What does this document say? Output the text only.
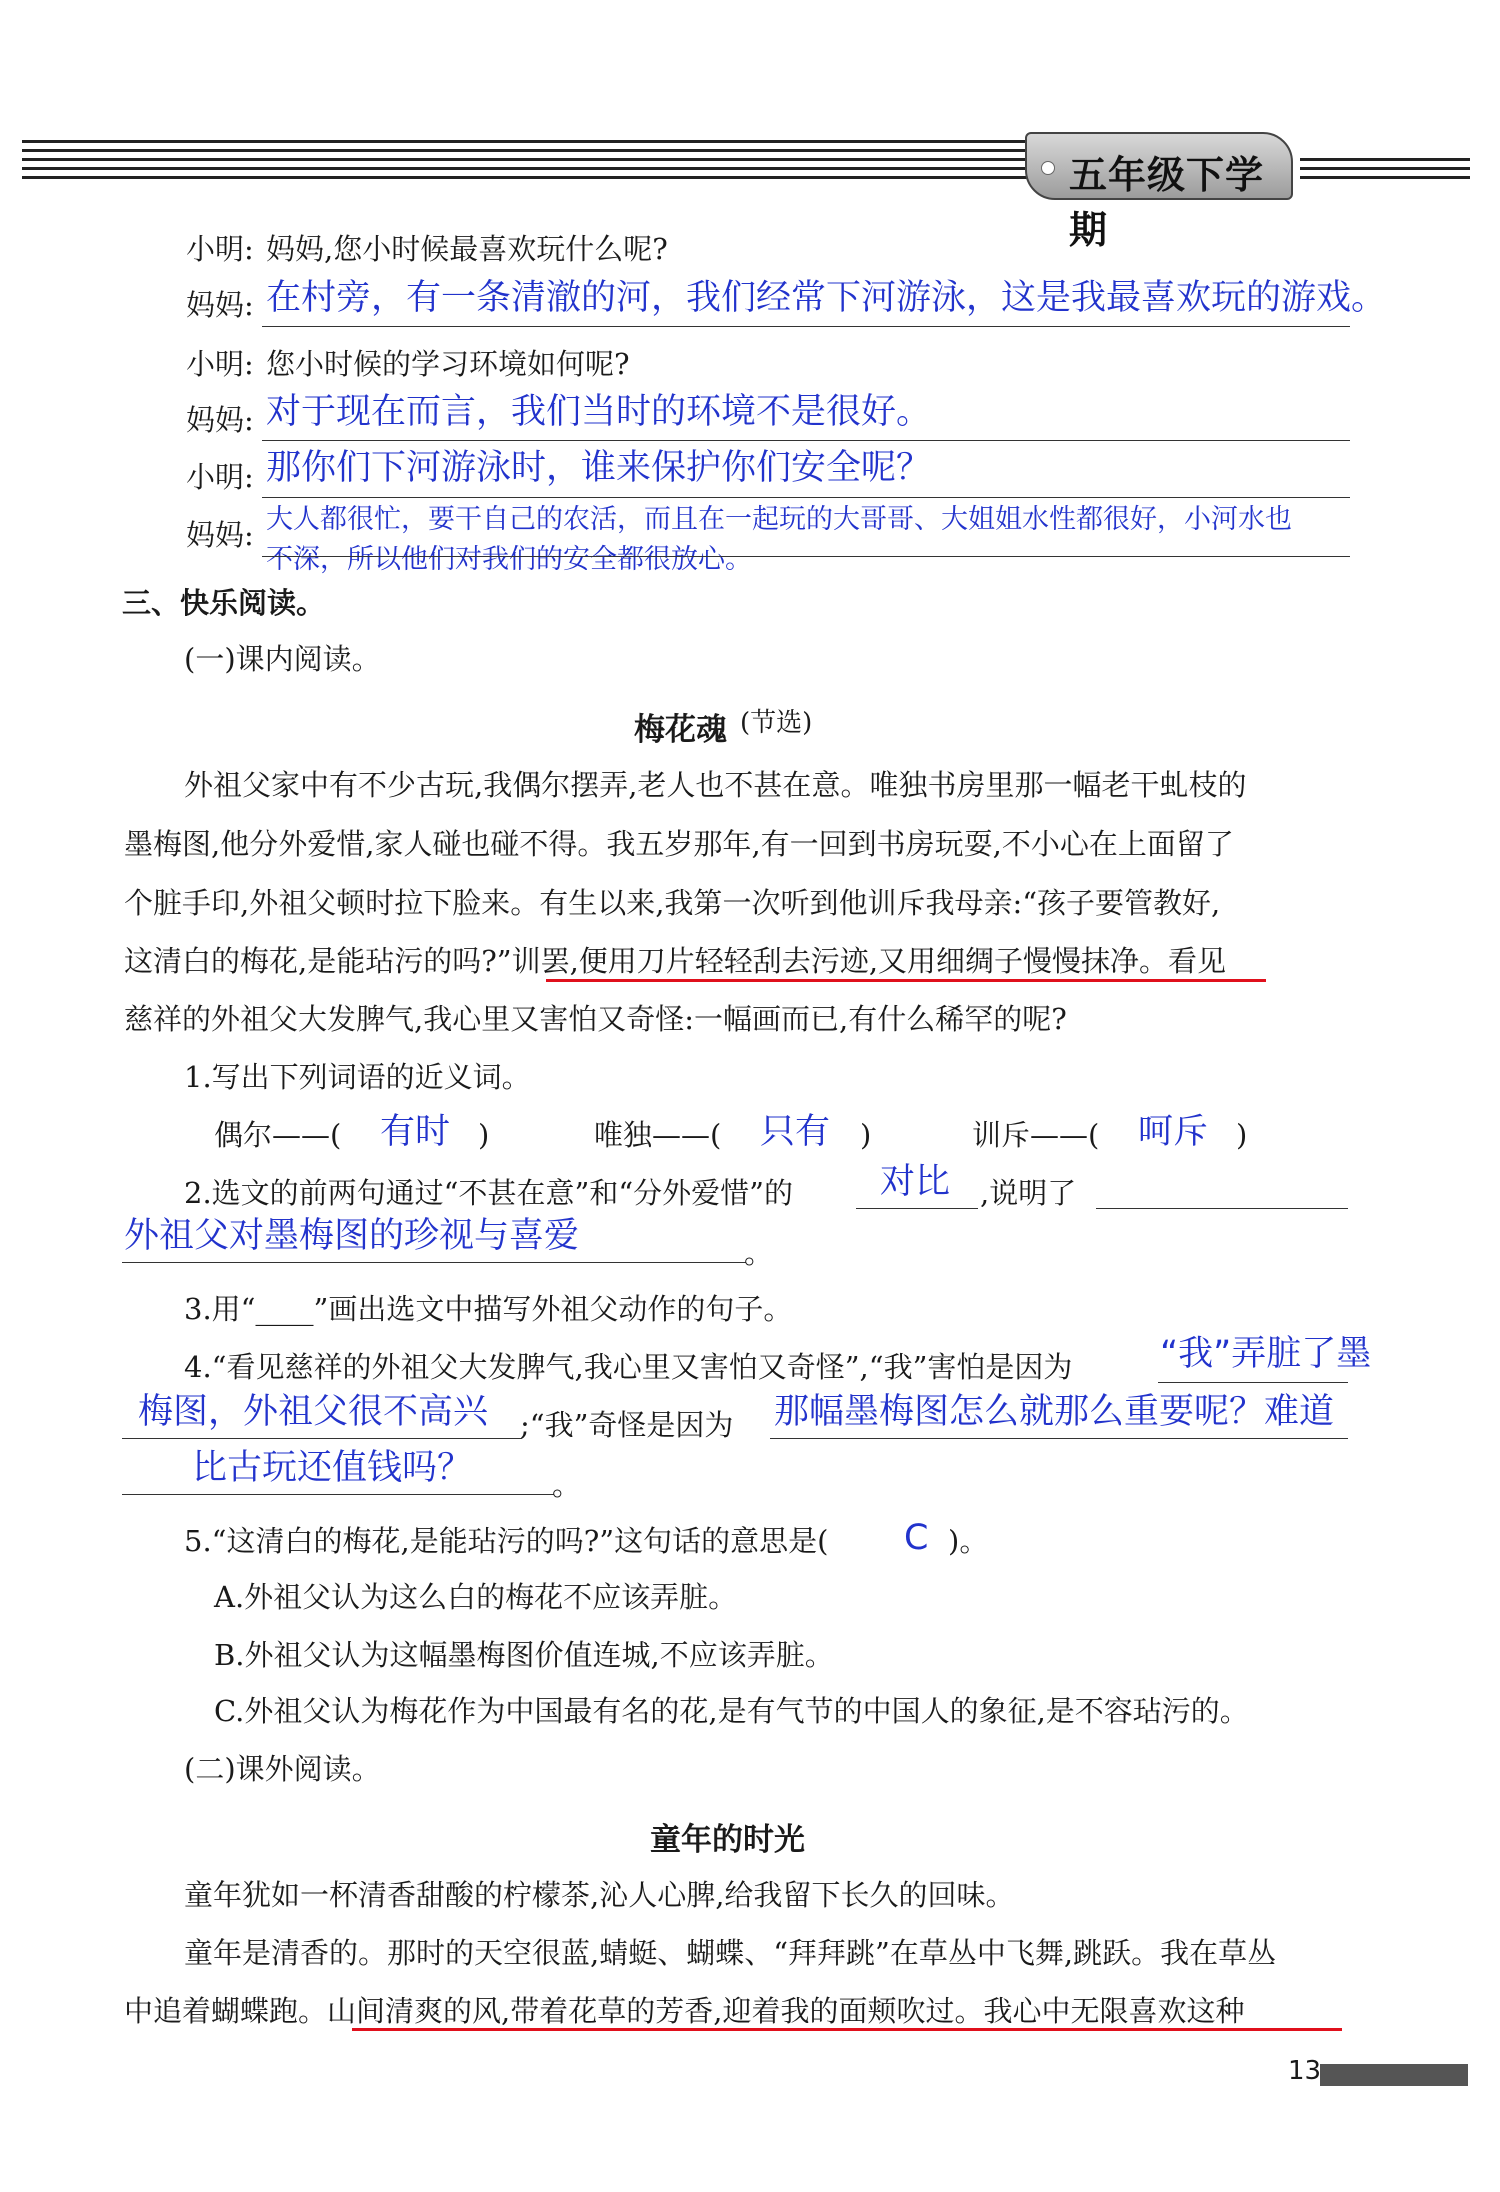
五年级下学期
小明: 妈妈,您小时候最喜欢玩什么呢?
妈妈: 在村旁，有一条清澈的河，我们经常下河游泳，这是我最喜欢玩的游戏。
小明: 您小时候的学习环境如何呢?
妈妈: 对于现在而言，我们当时的环境不是很好。
小明: 那你们下河游泳时，谁来保护你们安全呢？
妈妈: 大人都很忙，要干自己的农活，而且在一起玩的大哥哥、大姐姐水性都很好，小河水也
不深，所以他们对我们的安全都很放心。
三、快乐阅读。
(一)课内阅读。
梅花魂 (节选)
外祖父家中有不少古玩,我偶尔摆弄,老人也不甚在意。唯独书房里那一幅老干虬枝的
墨梅图,他分外爱惜,家人碰也碰不得。我五岁那年,有一回到书房玩耍,不小心在上面留了
个脏手印,外祖父顿时拉下脸来。有生以来,我第一次听到他训斥我母亲:“孩子要管教好,
这清白的梅花,是能玷污的吗?”训罢,便用刀片轻轻刮去污迹,又用细绸子慢慢抹净。看见
慈祥的外祖父大发脾气,我心里又害怕又奇怪:一幅画而已,有什么稀罕的呢?
1.写出下列词语的近义词。
偶尔——( 有时 )	唯独——( 只有 )	训斥——( 呵斥 )
2.选文的前两句通过“不甚在意”和“分外爱惜”的 对比 ,说明了
外祖父对墨梅图的珍视与喜爱	。
3.用“____”画出选文中描写外祖父动作的句子。
4.“看见慈祥的外祖父大发脾气,我心里又害怕又奇怪”,“我”害怕是因为	“我”弄脏了墨
梅图，外祖父很不高兴 ;“我”奇怪是因为 那幅墨梅图怎么就那么重要呢？难道
比古玩还值钱吗？	。
5.“这清白的梅花,是能玷污的吗?”这句话的意思是( C )。
A.外祖父认为这么白的梅花不应该弄脏。
B.外祖父认为这幅墨梅图价值连城,不应该弄脏。
C.外祖父认为梅花作为中国最有名的花,是有气节的中国人的象征,是不容玷污的。
(二)课外阅读。
童年的时光
童年犹如一杯清香甜酸的柠檬茶,沁人心脾,给我留下长久的回味。
童年是清香的。那时的天空很蓝,蜻蜓、蝴蝶、“拜拜跳”在草丛中飞舞,跳跃。我在草丛
中追着蝴蝶跑。山间清爽的风,带着花草的芳香,迎着我的面颊吹过。我心中无限喜欢这种
13
